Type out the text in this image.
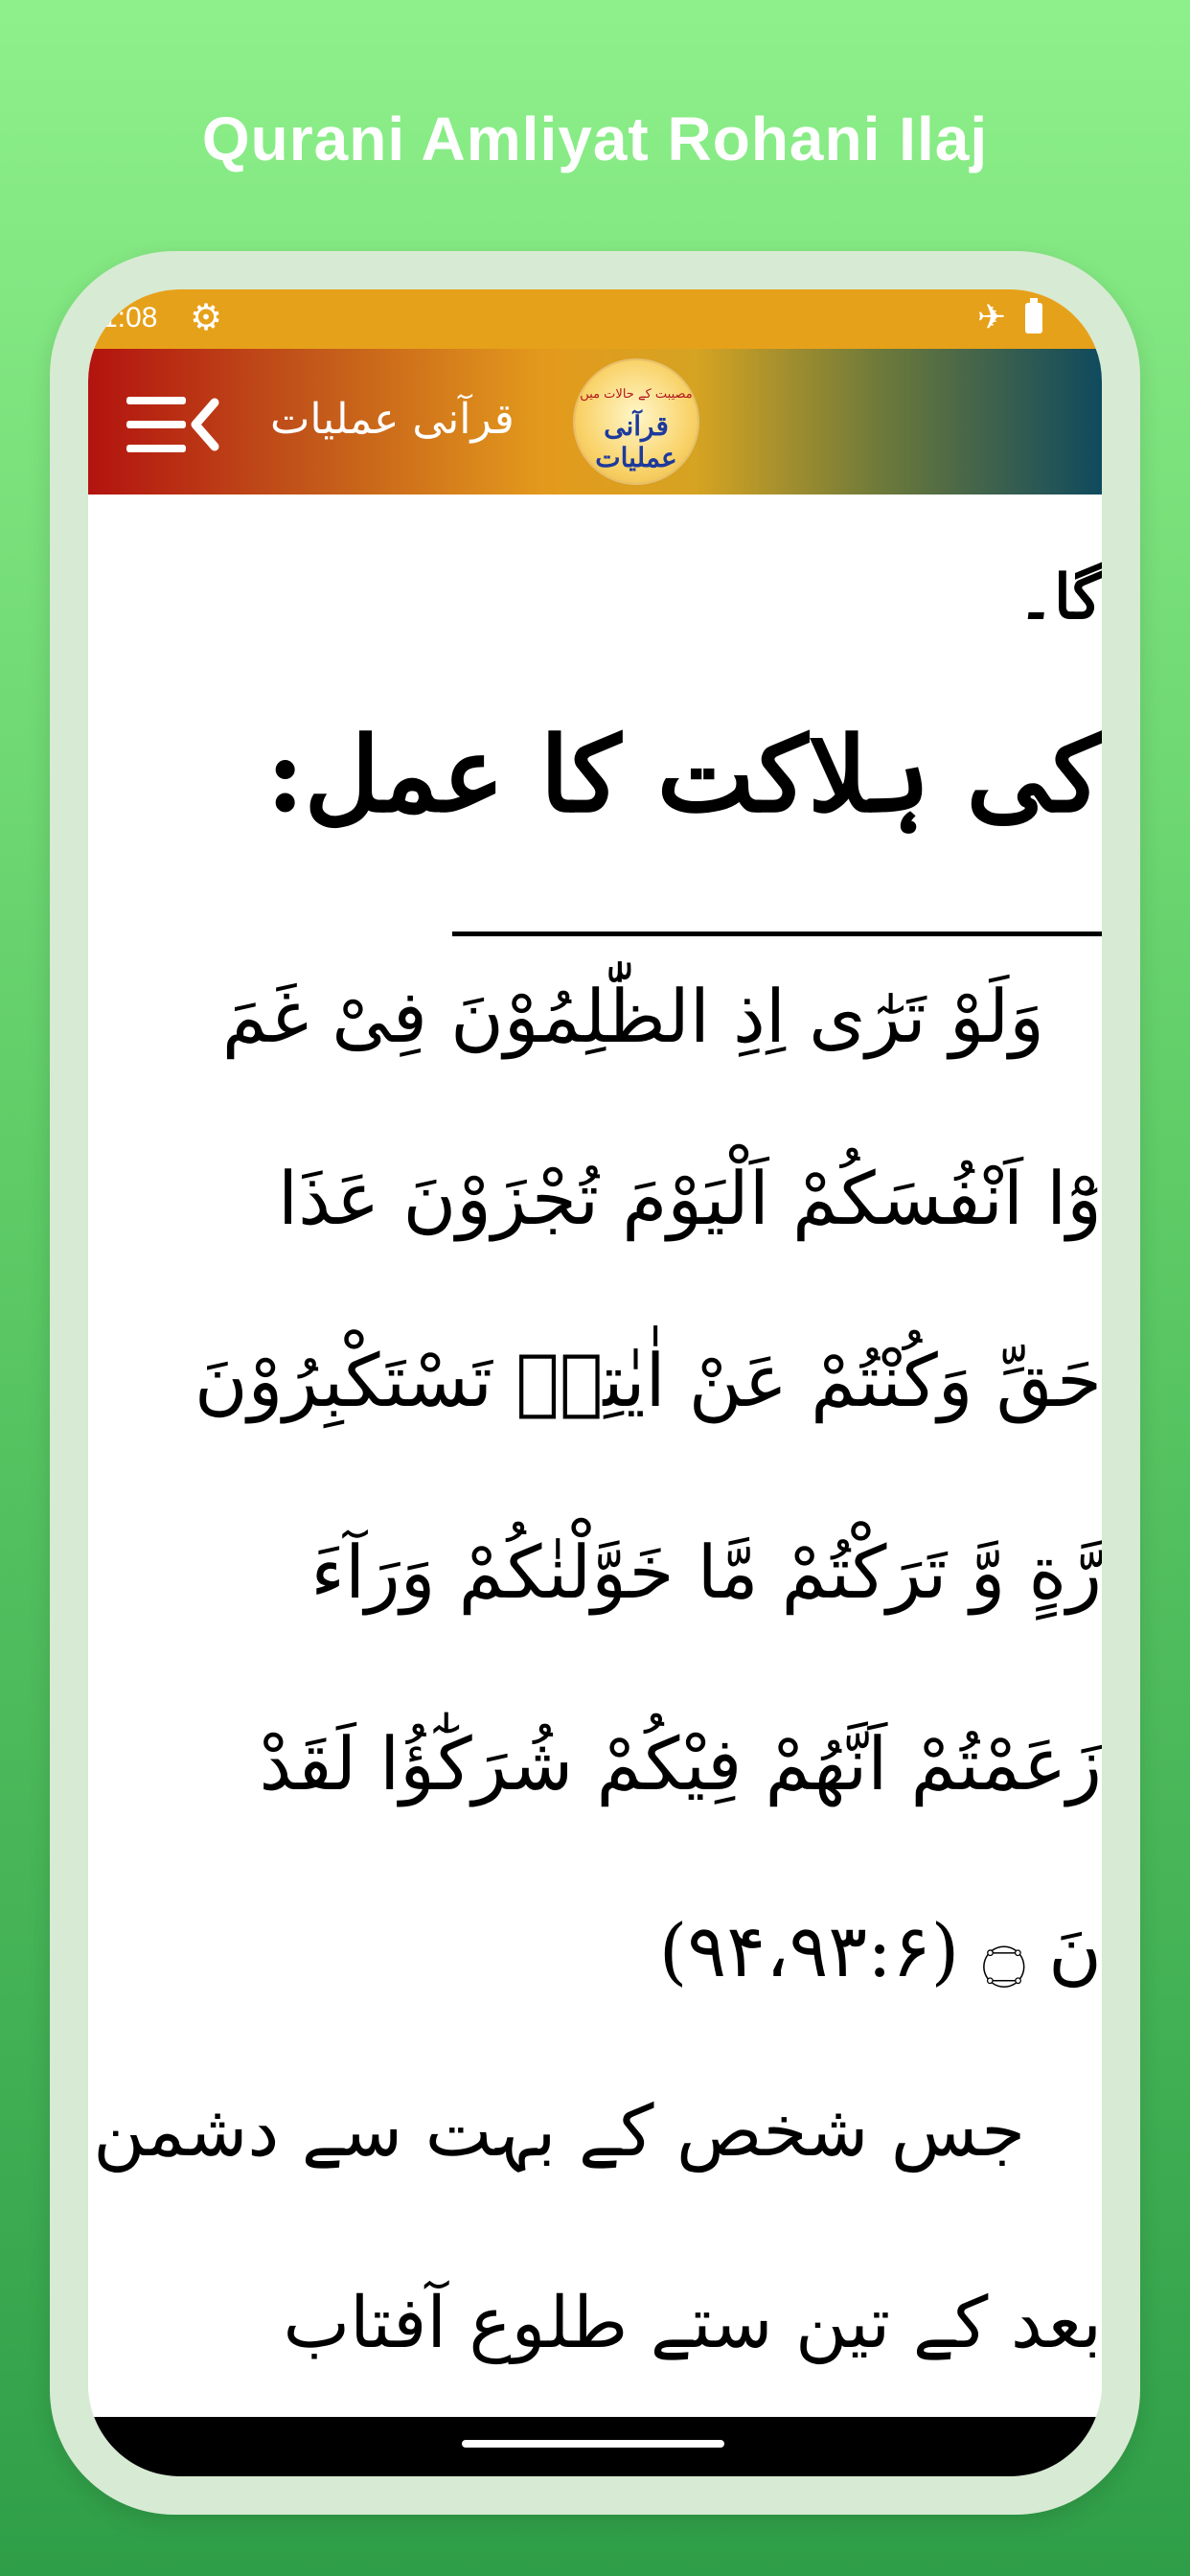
Qurani Amliyat Rohani Ilaj
1:08 ⚙	✈
قرآنی عملیات
مصیبت کے حالات میں
قرآنی عملیات
گا۔
کی ہلاکت کا عمل:
وَلَوْ تَرٰٓی اِذِ الظّٰلِمُوْنَ فِیْ غَمَ
وْٓا اَنْفُسَكُمْ اَلْیَوْمَ تُجْزَوْنَ عَذَا
حَقِّ وَكُنْتُمْ عَنْ اٰیٰتِهٖ تَسْتَكْبِرُوْنَ
رَّةٍ وَّ تَرَكْتُمْ مَّا خَوَّلْنٰكُمْ وَرَآءَ
زَعَمْتُمْ اَنَّهُمْ فِیْكُمْ شُرَكٰٓؤُا لَقَدْ
نَ ۝ (۹۴،۹۳:۶)
جس شخص کے بہت سے دشمن
بعد کے تین ستے طلوع آفتاب
